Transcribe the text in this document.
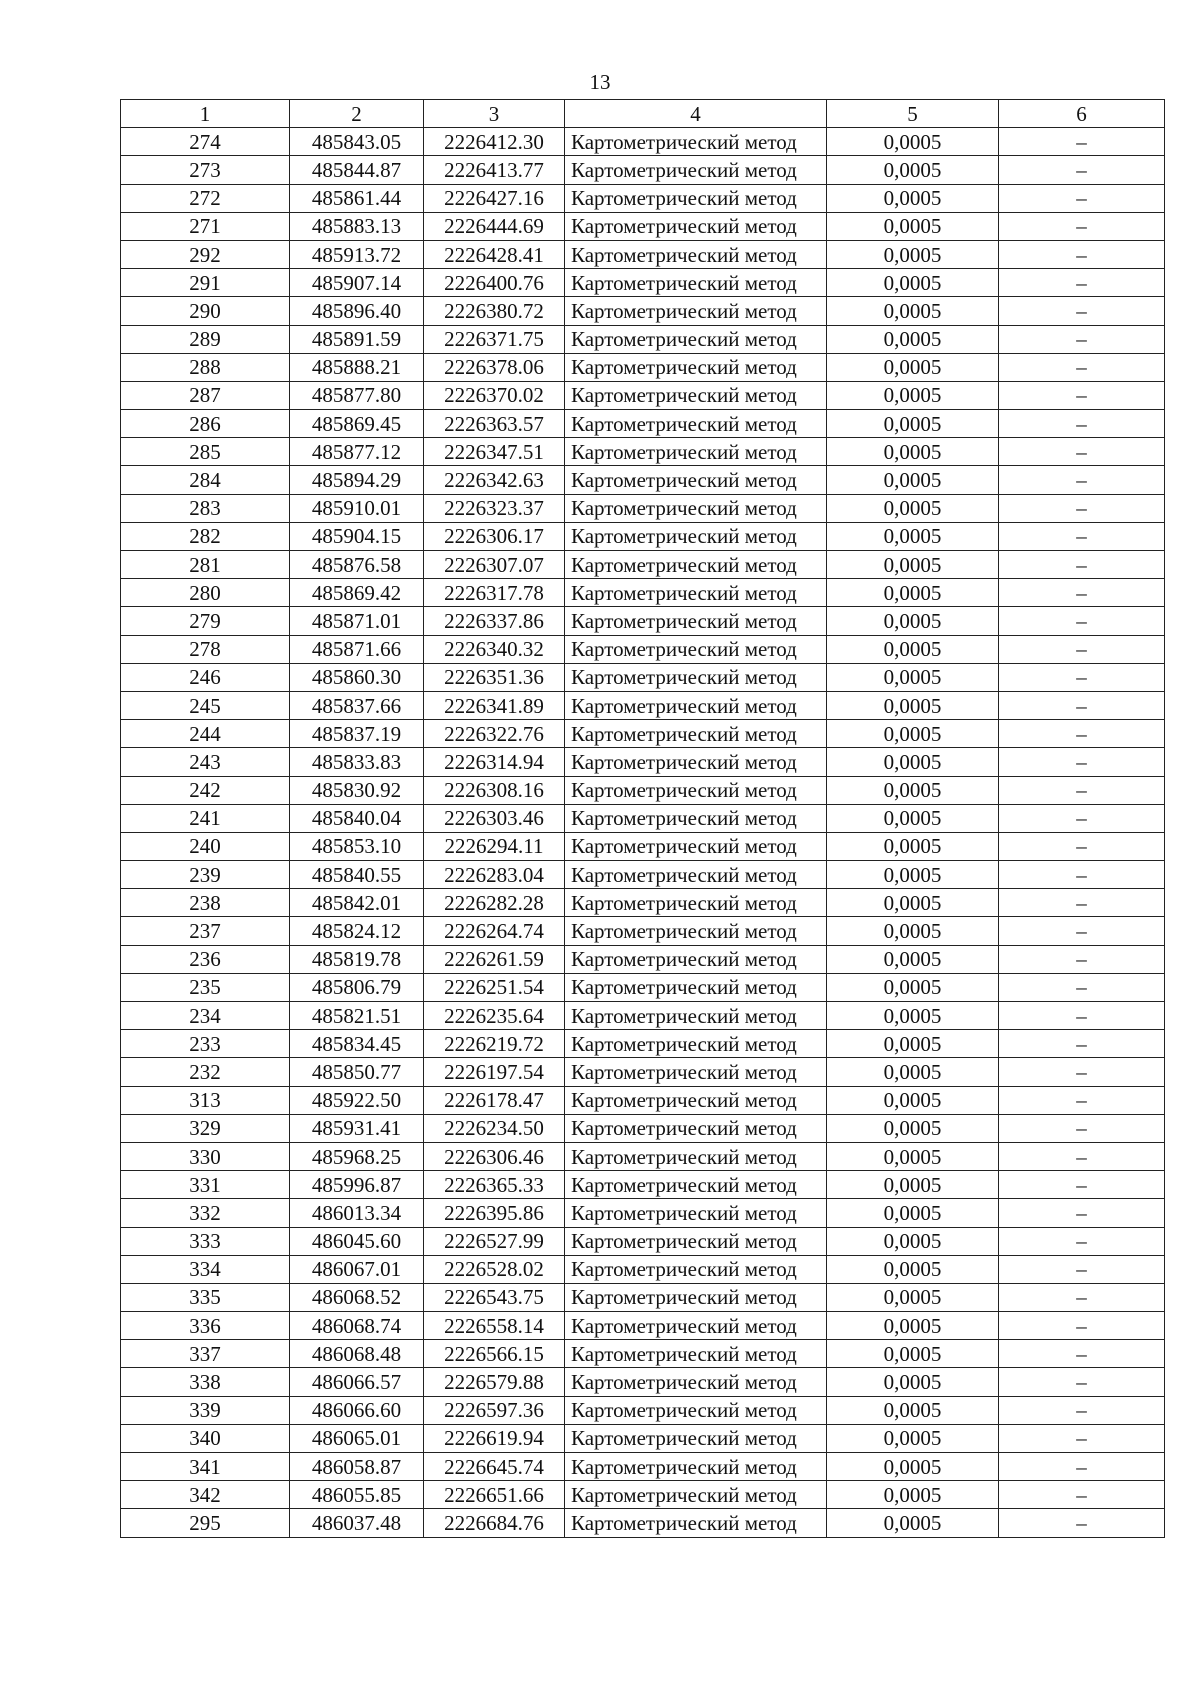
13
1	2	3	4	5	6
274	485843.05	2226412.30	Картометрический метод	0,0005	–
273	485844.87	2226413.77	Картометрический метод	0,0005	–
272	485861.44	2226427.16	Картометрический метод	0,0005	–
271	485883.13	2226444.69	Картометрический метод	0,0005	–
292	485913.72	2226428.41	Картометрический метод	0,0005	–
291	485907.14	2226400.76	Картометрический метод	0,0005	–
290	485896.40	2226380.72	Картометрический метод	0,0005	–
289	485891.59	2226371.75	Картометрический метод	0,0005	–
288	485888.21	2226378.06	Картометрический метод	0,0005	–
287	485877.80	2226370.02	Картометрический метод	0,0005	–
286	485869.45	2226363.57	Картометрический метод	0,0005	–
285	485877.12	2226347.51	Картометрический метод	0,0005	–
284	485894.29	2226342.63	Картометрический метод	0,0005	–
283	485910.01	2226323.37	Картометрический метод	0,0005	–
282	485904.15	2226306.17	Картометрический метод	0,0005	–
281	485876.58	2226307.07	Картометрический метод	0,0005	–
280	485869.42	2226317.78	Картометрический метод	0,0005	–
279	485871.01	2226337.86	Картометрический метод	0,0005	–
278	485871.66	2226340.32	Картометрический метод	0,0005	–
246	485860.30	2226351.36	Картометрический метод	0,0005	–
245	485837.66	2226341.89	Картометрический метод	0,0005	–
244	485837.19	2226322.76	Картометрический метод	0,0005	–
243	485833.83	2226314.94	Картометрический метод	0,0005	–
242	485830.92	2226308.16	Картометрический метод	0,0005	–
241	485840.04	2226303.46	Картометрический метод	0,0005	–
240	485853.10	2226294.11	Картометрический метод	0,0005	–
239	485840.55	2226283.04	Картометрический метод	0,0005	–
238	485842.01	2226282.28	Картометрический метод	0,0005	–
237	485824.12	2226264.74	Картометрический метод	0,0005	–
236	485819.78	2226261.59	Картометрический метод	0,0005	–
235	485806.79	2226251.54	Картометрический метод	0,0005	–
234	485821.51	2226235.64	Картометрический метод	0,0005	–
233	485834.45	2226219.72	Картометрический метод	0,0005	–
232	485850.77	2226197.54	Картометрический метод	0,0005	–
313	485922.50	2226178.47	Картометрический метод	0,0005	–
329	485931.41	2226234.50	Картометрический метод	0,0005	–
330	485968.25	2226306.46	Картометрический метод	0,0005	–
331	485996.87	2226365.33	Картометрический метод	0,0005	–
332	486013.34	2226395.86	Картометрический метод	0,0005	–
333	486045.60	2226527.99	Картометрический метод	0,0005	–
334	486067.01	2226528.02	Картометрический метод	0,0005	–
335	486068.52	2226543.75	Картометрический метод	0,0005	–
336	486068.74	2226558.14	Картометрический метод	0,0005	–
337	486068.48	2226566.15	Картометрический метод	0,0005	–
338	486066.57	2226579.88	Картометрический метод	0,0005	–
339	486066.60	2226597.36	Картометрический метод	0,0005	–
340	486065.01	2226619.94	Картометрический метод	0,0005	–
341	486058.87	2226645.74	Картометрический метод	0,0005	–
342	486055.85	2226651.66	Картометрический метод	0,0005	–
295	486037.48	2226684.76	Картометрический метод	0,0005	–
